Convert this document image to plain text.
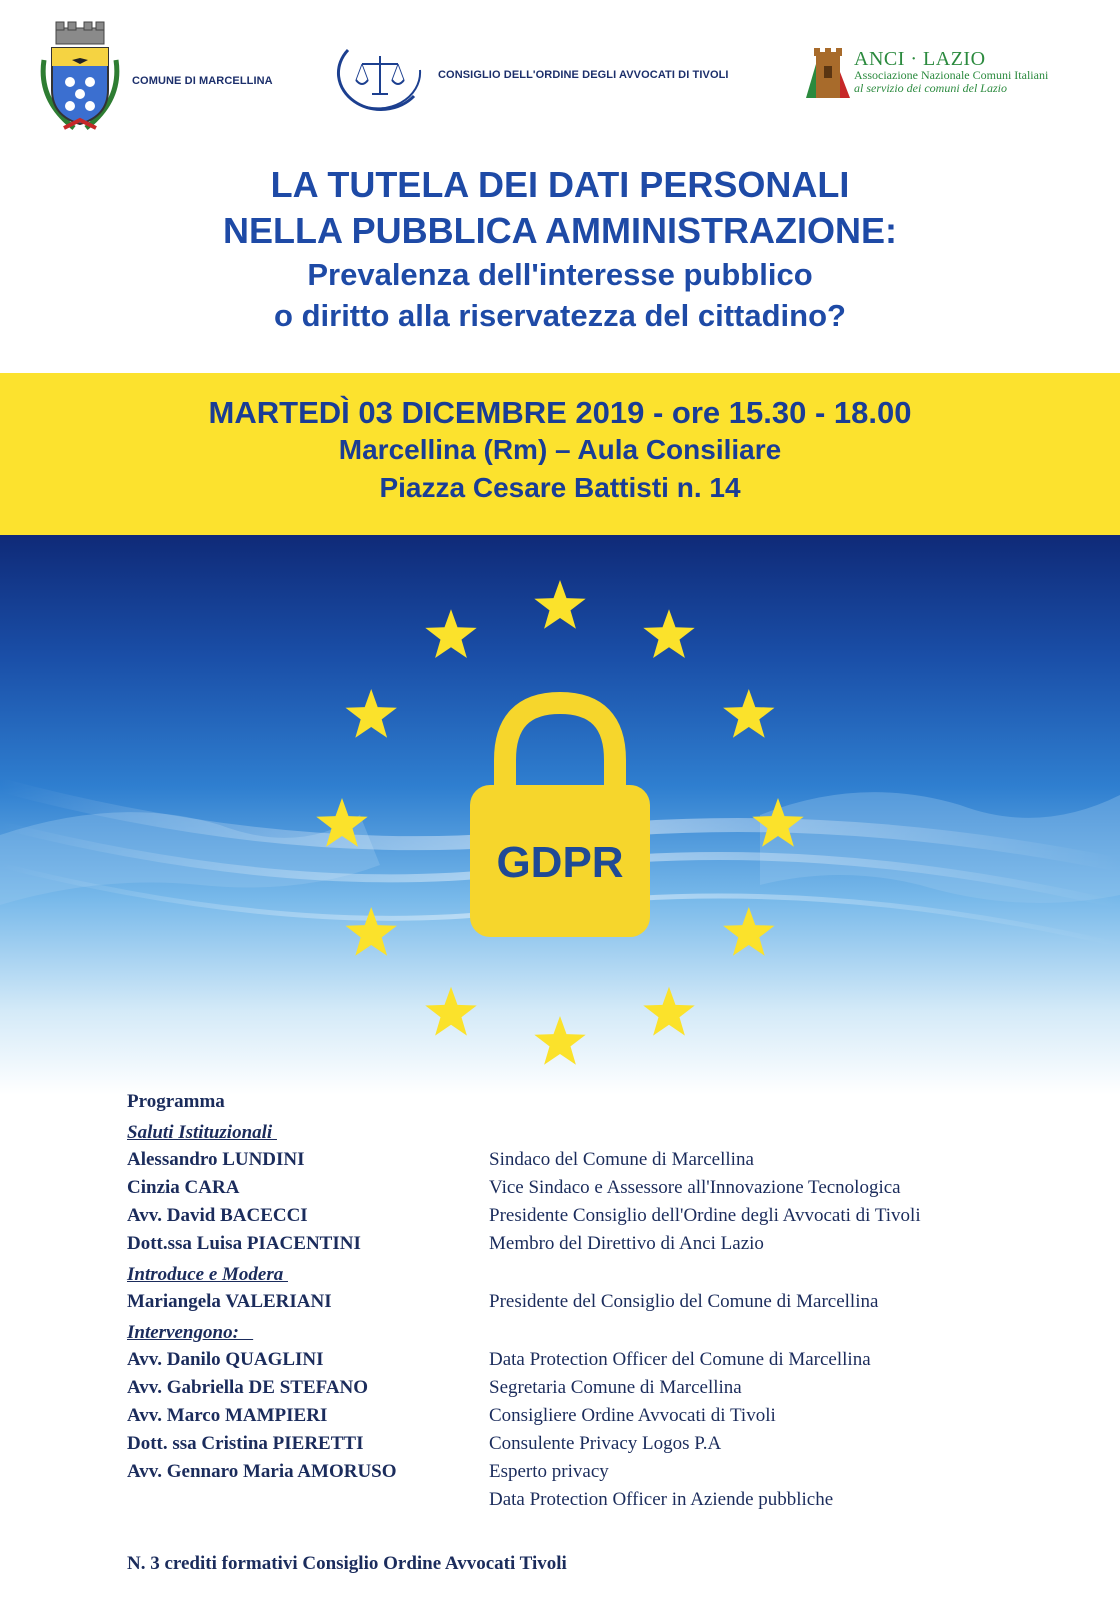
COMUNE DI MARCELLINA	CONSIGLIO DELL'ORDINE DEGLI AVVOCATI DI TIVOLI
ANCI · LAZIO
Associazione Nazionale Comuni Italiani
al servizio dei comuni del Lazio
LA TUTELA DEI DATI PERSONALI
NELLA PUBBLICA AMMINISTRAZIONE:
Prevalenza dell'interesse pubblico
o diritto alla riservatezza del cittadino?
MARTEDÌ 03 DICEMBRE 2019 - ore 15.30 - 18.00
Marcellina (Rm) – Aula Consiliare
Piazza Cesare Battisti n. 14
GDPR
Programma
Saluti Istituzionali
Alessandro LUNDINI	Sindaco del Comune di Marcellina
Cinzia CARA	Vice Sindaco e Assessore all'Innovazione Tecnologica
Avv. David BACECCI	Presidente Consiglio dell'Ordine degli Avvocati di Tivoli
Dott.ssa Luisa PIACENTINI	Membro del Direttivo di Anci Lazio
Introduce e Modera
Mariangela VALERIANI	Presidente del Consiglio del Comune di Marcellina
Intervengono:
Avv. Danilo QUAGLINI	Data Protection Officer del Comune di Marcellina
Avv. Gabriella DE STEFANO	Segretaria Comune di Marcellina
Avv. Marco MAMPIERI	Consigliere Ordine Avvocati di Tivoli
Dott. ssa Cristina PIERETTI	Consulente Privacy Logos P.A
Avv. Gennaro Maria AMORUSO	Esperto privacy
Data Protection Officer in Aziende pubbliche
N. 3 crediti formativi Consiglio Ordine Avvocati Tivoli
